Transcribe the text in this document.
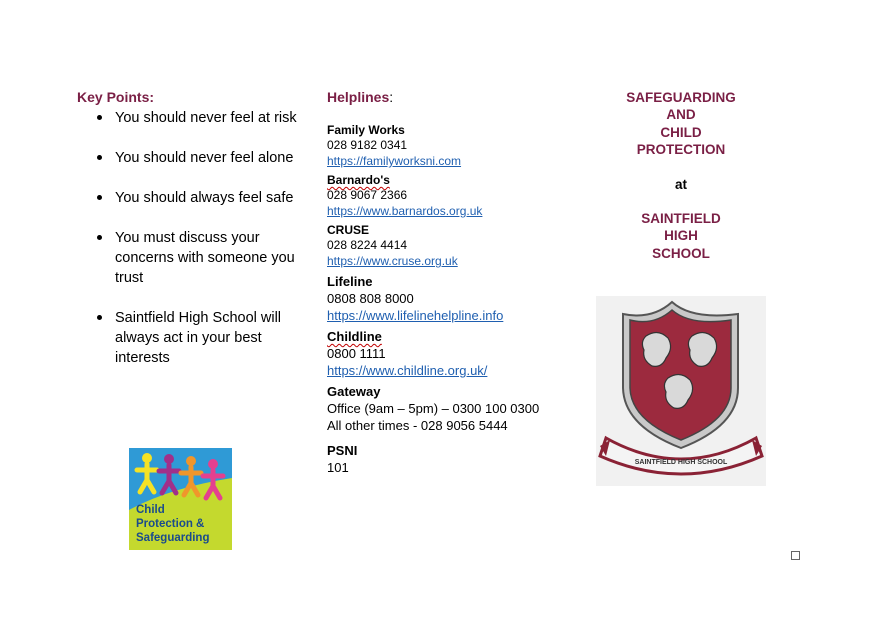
Key Points:

You should never feel at risk
You should never feel alone
You should always feel safe
You must discuss your concerns with someone you trust
Saintfield High School will always act in your best interests
Child
Protection &
Safeguarding

Helplines:

Family Works
028 9182 0341
https://familyworksni.com
Barnardo's
028 9067 2366
https://www.barnardos.org.uk
CRUSE
028 8224 4414
https://www.cruse.org.uk
Lifeline
0808 808 8000
https://www.lifelinehelpline.info
Childline
0800 1111
https://www.childline.org.uk/
Gateway
Office (9am – 5pm) – 0300 100 0300
All other times - 028 9056 5444
PSNI
101
SAFEGUARDING
AND
CHILD
PROTECTION
at
SAINTFIELD
HIGH
SCHOOL
SAINTFIELD HIGH SCHOOL
